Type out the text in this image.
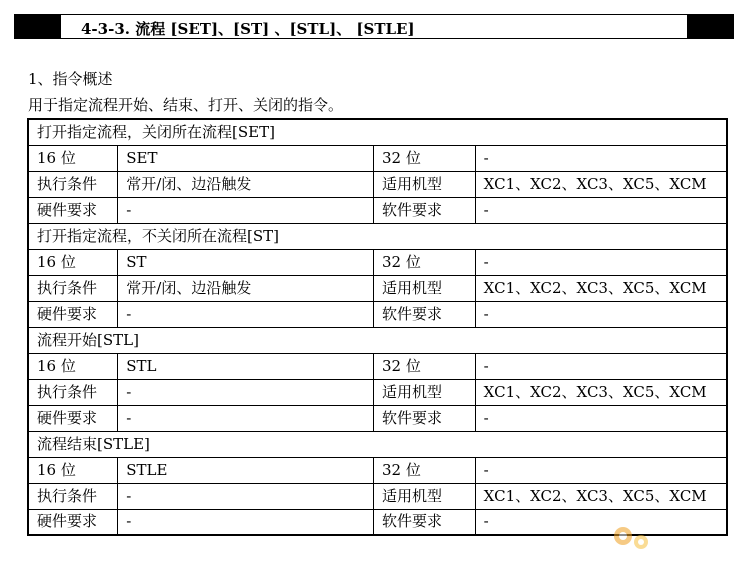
4-3-3. 流程 [SET]、[ST] 、[STL]、 [STLE]
1、指令概述
用于指定流程开始、结束、打开、关闭的指令。
打开指定流程，关闭所在流程[SET]			
16 位	SET	32 位	-
执行条件	常开/闭、边沿触发	适用机型	XC1、XC2、XC3、XC5、XCM
硬件要求	-	软件要求	-
打开指定流程，不关闭所在流程[ST]			
16 位	ST	32 位	-
执行条件	常开/闭、边沿触发	适用机型	XC1、XC2、XC3、XC5、XCM
硬件要求	-	软件要求	-
流程开始[STL]			
16 位	STL	32 位	-
执行条件	-	适用机型	XC1、XC2、XC3、XC5、XCM
硬件要求	-	软件要求	-
流程结束[STLE]			
16 位	STLE	32 位	-
执行条件	-	适用机型	XC1、XC2、XC3、XC5、XCM
硬件要求	-	软件要求	-
